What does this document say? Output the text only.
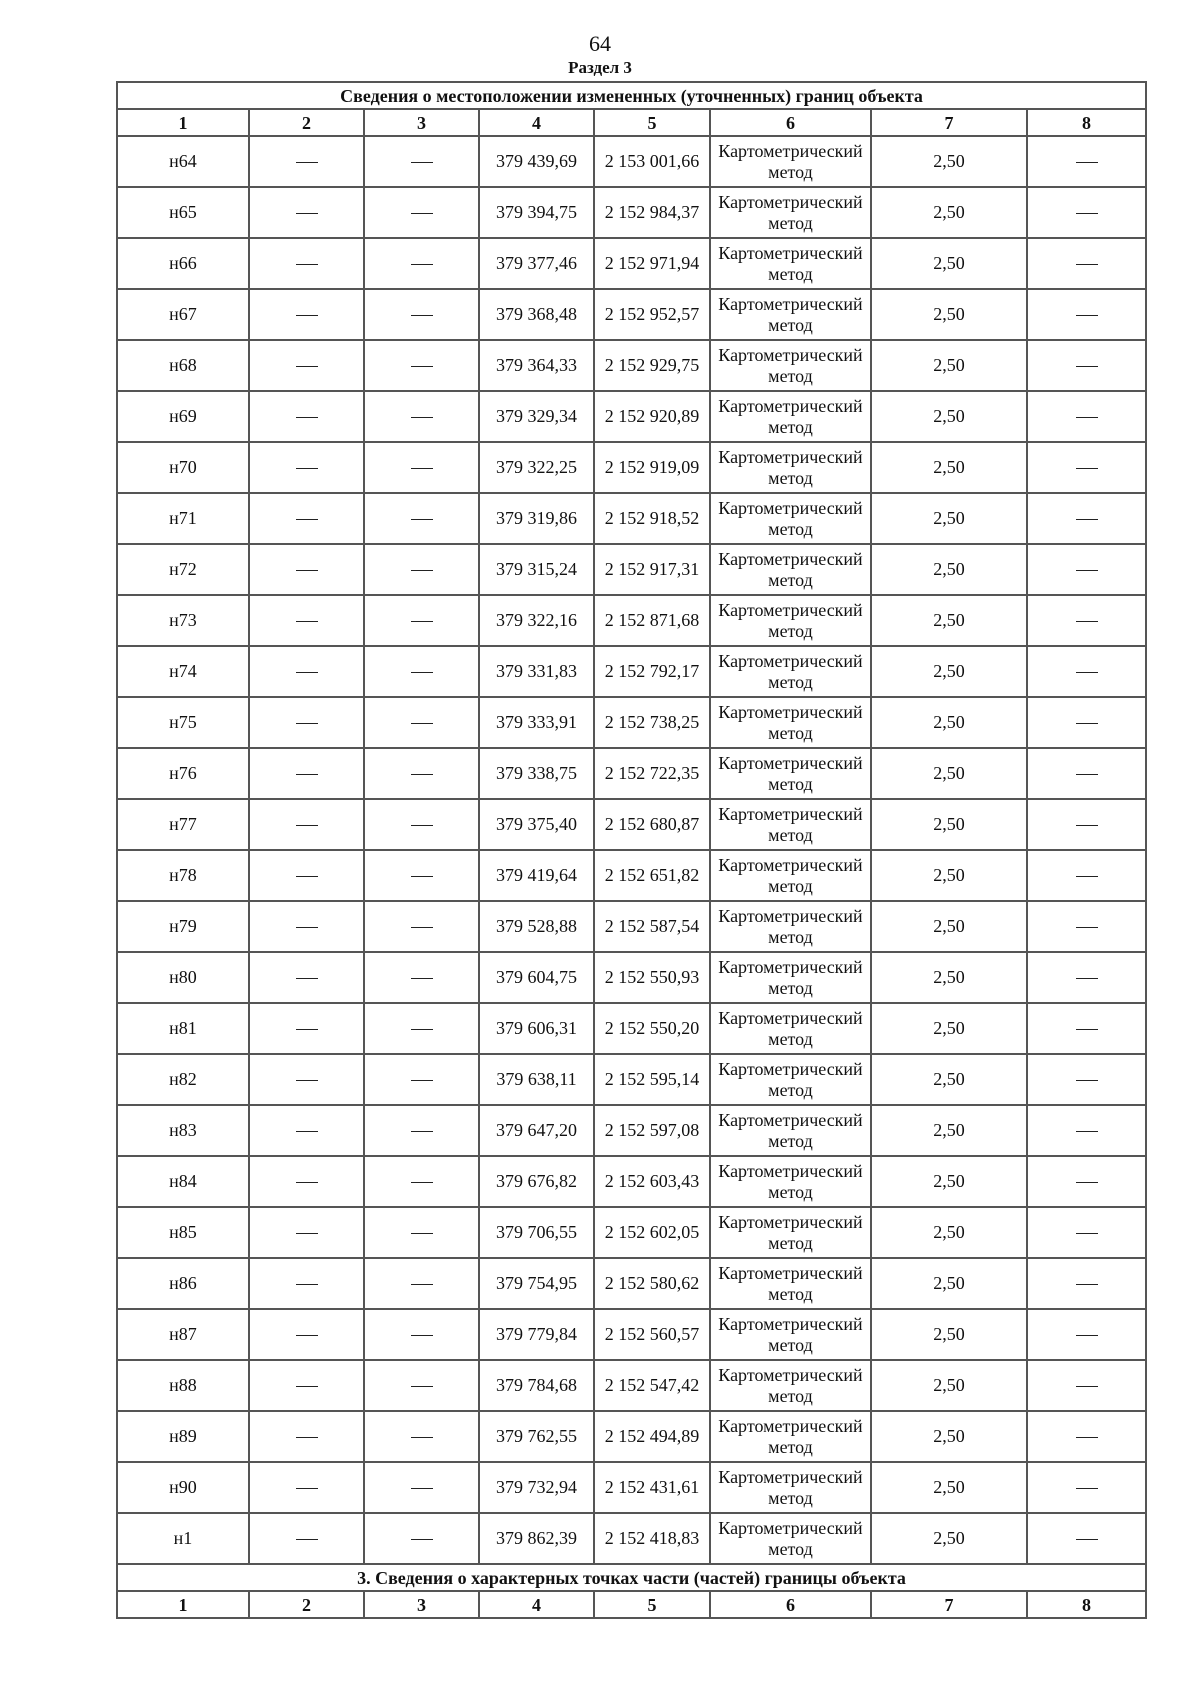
64
Раздел 3
Сведения о местоположении измененных (уточненных) границ объекта							
1	2	3	4	5	6	7	8
н64			379 439,69	2 153 001,66	Картометрический метод	2,50	
н65			379 394,75	2 152 984,37	Картометрический метод	2,50	
н66			379 377,46	2 152 971,94	Картометрический метод	2,50	
н67			379 368,48	2 152 952,57	Картометрический метод	2,50	
н68			379 364,33	2 152 929,75	Картометрический метод	2,50	
н69			379 329,34	2 152 920,89	Картометрический метод	2,50	
н70			379 322,25	2 152 919,09	Картометрический метод	2,50	
н71			379 319,86	2 152 918,52	Картометрический метод	2,50	
н72			379 315,24	2 152 917,31	Картометрический метод	2,50	
н73			379 322,16	2 152 871,68	Картометрический метод	2,50	
н74			379 331,83	2 152 792,17	Картометрический метод	2,50	
н75			379 333,91	2 152 738,25	Картометрический метод	2,50	
н76			379 338,75	2 152 722,35	Картометрический метод	2,50	
н77			379 375,40	2 152 680,87	Картометрический метод	2,50	
н78			379 419,64	2 152 651,82	Картометрический метод	2,50	
н79			379 528,88	2 152 587,54	Картометрический метод	2,50	
н80			379 604,75	2 152 550,93	Картометрический метод	2,50	
н81			379 606,31	2 152 550,20	Картометрический метод	2,50	
н82			379 638,11	2 152 595,14	Картометрический метод	2,50	
н83			379 647,20	2 152 597,08	Картометрический метод	2,50	
н84			379 676,82	2 152 603,43	Картометрический метод	2,50	
н85			379 706,55	2 152 602,05	Картометрический метод	2,50	
н86			379 754,95	2 152 580,62	Картометрический метод	2,50	
н87			379 779,84	2 152 560,57	Картометрический метод	2,50	
н88			379 784,68	2 152 547,42	Картометрический метод	2,50	
н89			379 762,55	2 152 494,89	Картометрический метод	2,50	
н90			379 732,94	2 152 431,61	Картометрический метод	2,50	
н1			379 862,39	2 152 418,83	Картометрический метод	2,50	
3. Сведения о характерных точках части (частей) границы объекта							
1	2	3	4	5	6	7	8
